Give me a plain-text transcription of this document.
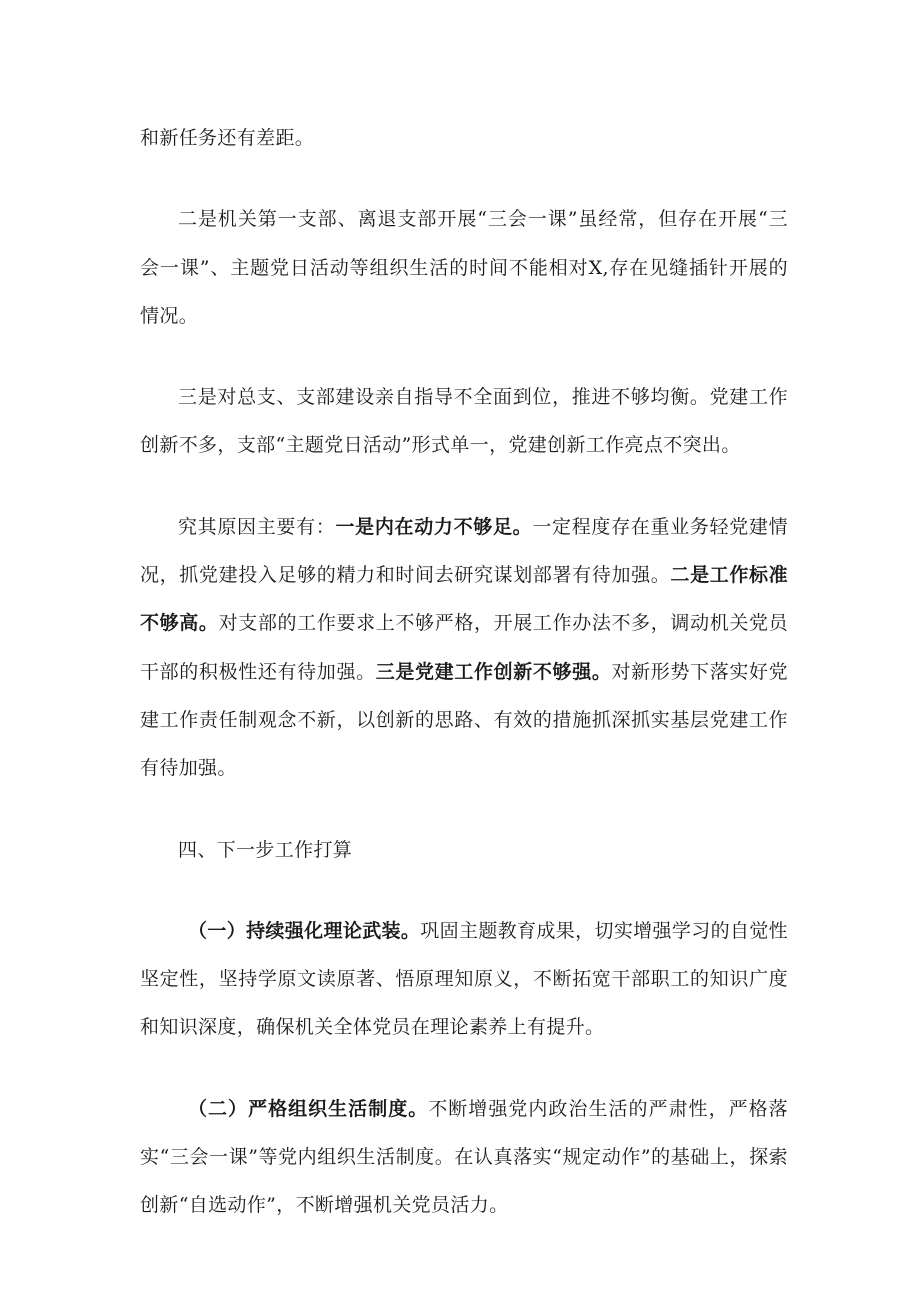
和新任务还有差距。

二是机关第一支部、离退支部开展“三会一课”虽经常，但存在开展“三会一课”、主题党日活动等组织生活的时间不能相对X,存在见缝插针开展的情况。

三是对总支、支部建设亲自指导不全面到位，推进不够均衡。党建工作创新不多，支部“主题党日活动”形式单一，党建创新工作亮点不突出。

究其原因主要有：一是内在动力不够足。一定程度存在重业务轻党建情况，抓党建投入足够的精力和时间去研究谋划部署有待加强。二是工作标准不够高。对支部的工作要求上不够严格，开展工作办法不多，调动机关党员干部的积极性还有待加强。三是党建工作创新不够强。对新形势下落实好党建工作责任制观念不新，以创新的思路、有效的措施抓深抓实基层党建工作有待加强。

四、下一步工作打算

（一）持续强化理论武装。巩固主题教育成果，切实增强学习的自觉性坚定性，坚持学原文读原著、悟原理知原义，不断拓宽干部职工的知识广度和知识深度，确保机关全体党员在理论素养上有提升。

（二）严格组织生活制度。不断增强党内政治生活的严肃性，严格落实“三会一课”等党内组织生活制度。在认真落实“规定动作”的基础上，探索创新“自选动作”，不断增强机关党员活力。
